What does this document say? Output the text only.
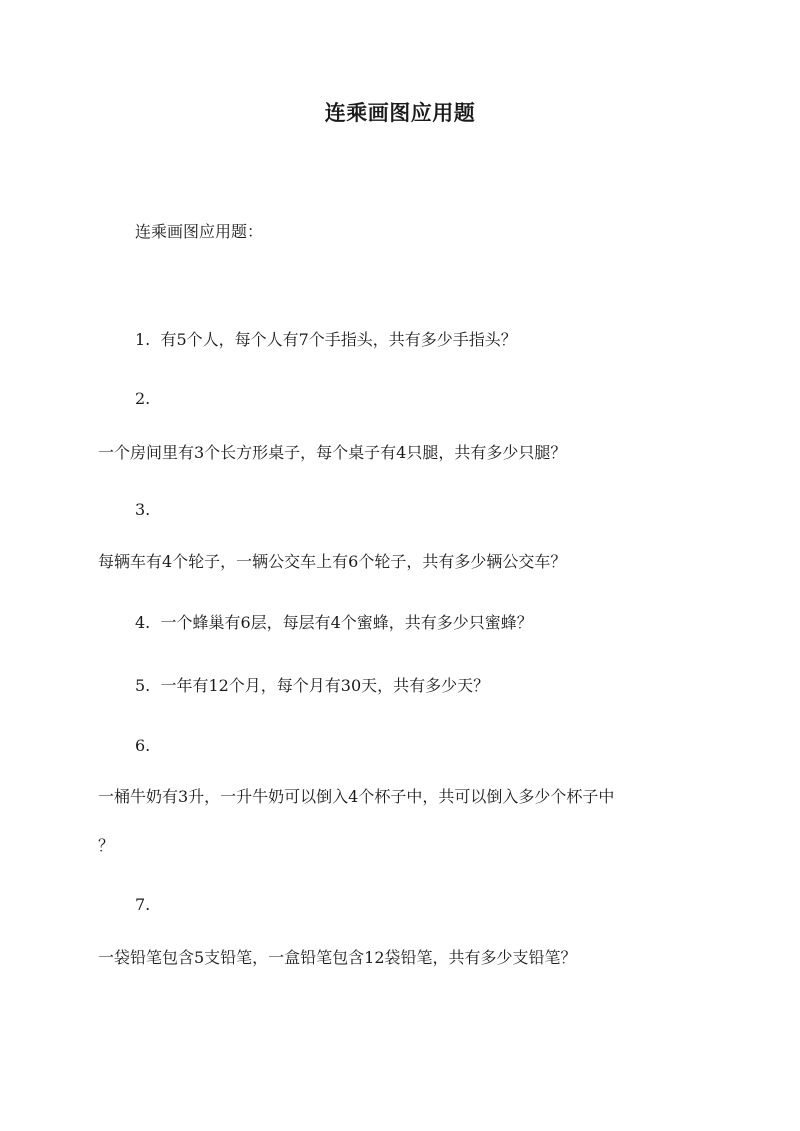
连乘画图应用题
连乘画图应用题：
1. 有5个人，每个人有7个手指头，共有多少手指头？
2.
一个房间里有3个长方形桌子，每个桌子有4只腿，共有多少只腿？
3.
每辆车有4个轮子，一辆公交车上有6个轮子，共有多少辆公交车？
4. 一个蜂巢有6层，每层有4个蜜蜂，共有多少只蜜蜂？
5. 一年有12个月，每个月有30天，共有多少天？
6.
一桶牛奶有3升，一升牛奶可以倒入4个杯子中，共可以倒入多少个杯子中
？
7.
一袋铅笔包含5支铅笔，一盒铅笔包含12袋铅笔，共有多少支铅笔？
